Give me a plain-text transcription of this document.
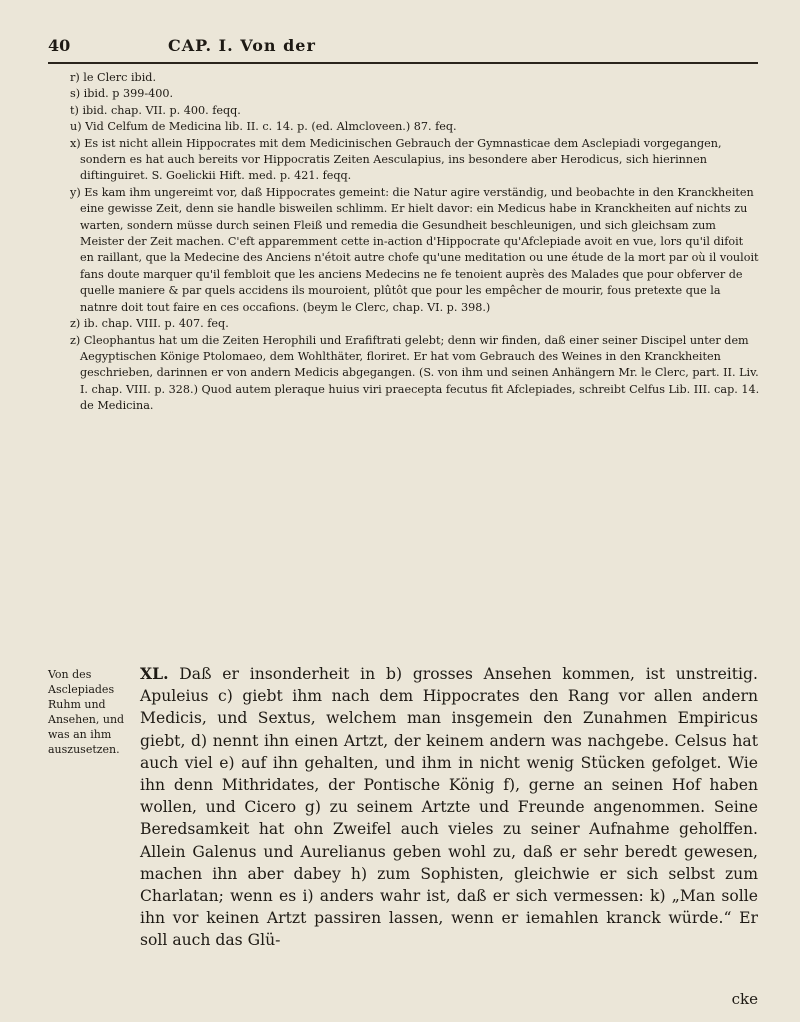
40	CAP. I. Von der
r) le Clerc ibid.
s) ibid. p 399-400.
t) ibid. chap. VII. p. 400. feqq.
u) Vid Celfum de Medicina lib. II. c. 14. p. (ed. Almcloveen.) 87. feq.
x) Es ist nicht allein Hippocrates mit dem Medicinischen Gebrauch der Gymnasticae dem Asclepiadi vorgegangen, sondern es hat auch bereits vor Hippocratis Zeiten Aesculapius, ins besondere aber Herodicus, sich hierinnen diftinguiret. S. Goelickii Hift. med. p. 421. feqq.
y) Es kam ihm ungereimt vor, daß Hippocrates gemeint: die Natur agire verständig, und beobachte in den Kranckheiten eine gewisse Zeit, denn sie handle bisweilen schlimm. Er hielt davor: ein Medicus habe in Kranckheiten auf nichts zu warten, sondern müsse durch seinen Fleiß und remedia die Gesundheit beschleunigen, und sich gleichsam zum Meister der Zeit machen. C'eft apparemment cette in-action d'Hippocrate qu'Afclepiade avoit en vue, lors qu'il difoit en raillant, que la Medecine des Anciens n'étoit autre chofe qu'une meditation ou une étude de la mort par où il vouloit fans doute marquer qu'il fembloit que les anciens Medecins ne fe tenoient auprès des Malades que pour obferver de quelle maniere & par quels accidens ils mouroient, plûtôt que pour les empêcher de mourir, fous pretexte que la natnre doit tout faire en ces occafions. (beym le Clerc, chap. VI. p. 398.)
z) ib. chap. VIII. p. 407. feq.
z) Cleophantus hat um die Zeiten Herophili und Erafiftrati gelebt; denn wir finden, daß einer seiner Discipel unter dem Aegyptischen Könige Ptolomaeo, dem Wohlthäter, floriret. Er hat vom Gebrauch des Weines in den Kranckheiten geschrieben, darinnen er von andern Medicis abgegangen. (S. von ihm und seinen Anhängern Mr. le Clerc, part. II. Liv. I. chap. VIII. p. 328.) Quod autem pleraque huius viri praecepta fecutus fit Afclepiades, schreibt Celfus Lib. III. cap. 14. de Medicina.
Von des Asclepiades Ruhm und Ansehen, und was an ihm auszusetzen.

XL. Daß er insonderheit in b) grosses Ansehen kommen, ist unstreitig. Apuleius c) giebt ihm nach dem Hippocrates den Rang vor allen andern Medicis, und Sextus, welchem man insgemein den Zunahmen Empiricus giebt, d) nennt ihn einen Artzt, der keinem andern was nachgebe. Celsus hat auch viel e) auf ihn gehalten, und ihm in nicht wenig Stücken gefolget. Wie ihn denn Mithridates, der Pontische König f), gerne an seinen Hof haben wollen, und Cicero g) zu seinem Artzte und Freunde angenommen. Seine Beredsamkeit hat ohn Zweifel auch vieles zu seiner Aufnahme geholffen. Allein Galenus und Aurelianus geben wohl zu, daß er sehr beredt gewesen, machen ihn aber dabey h) zum Sophisten, gleichwie er sich selbst zum Charlatan; wenn es i) anders wahr ist, daß er sich vermessen: k) „Man solle ihn vor keinen Artzt passiren lassen, wenn er iemahlen kranck würde.“ Er soll auch das Glü-

cke
